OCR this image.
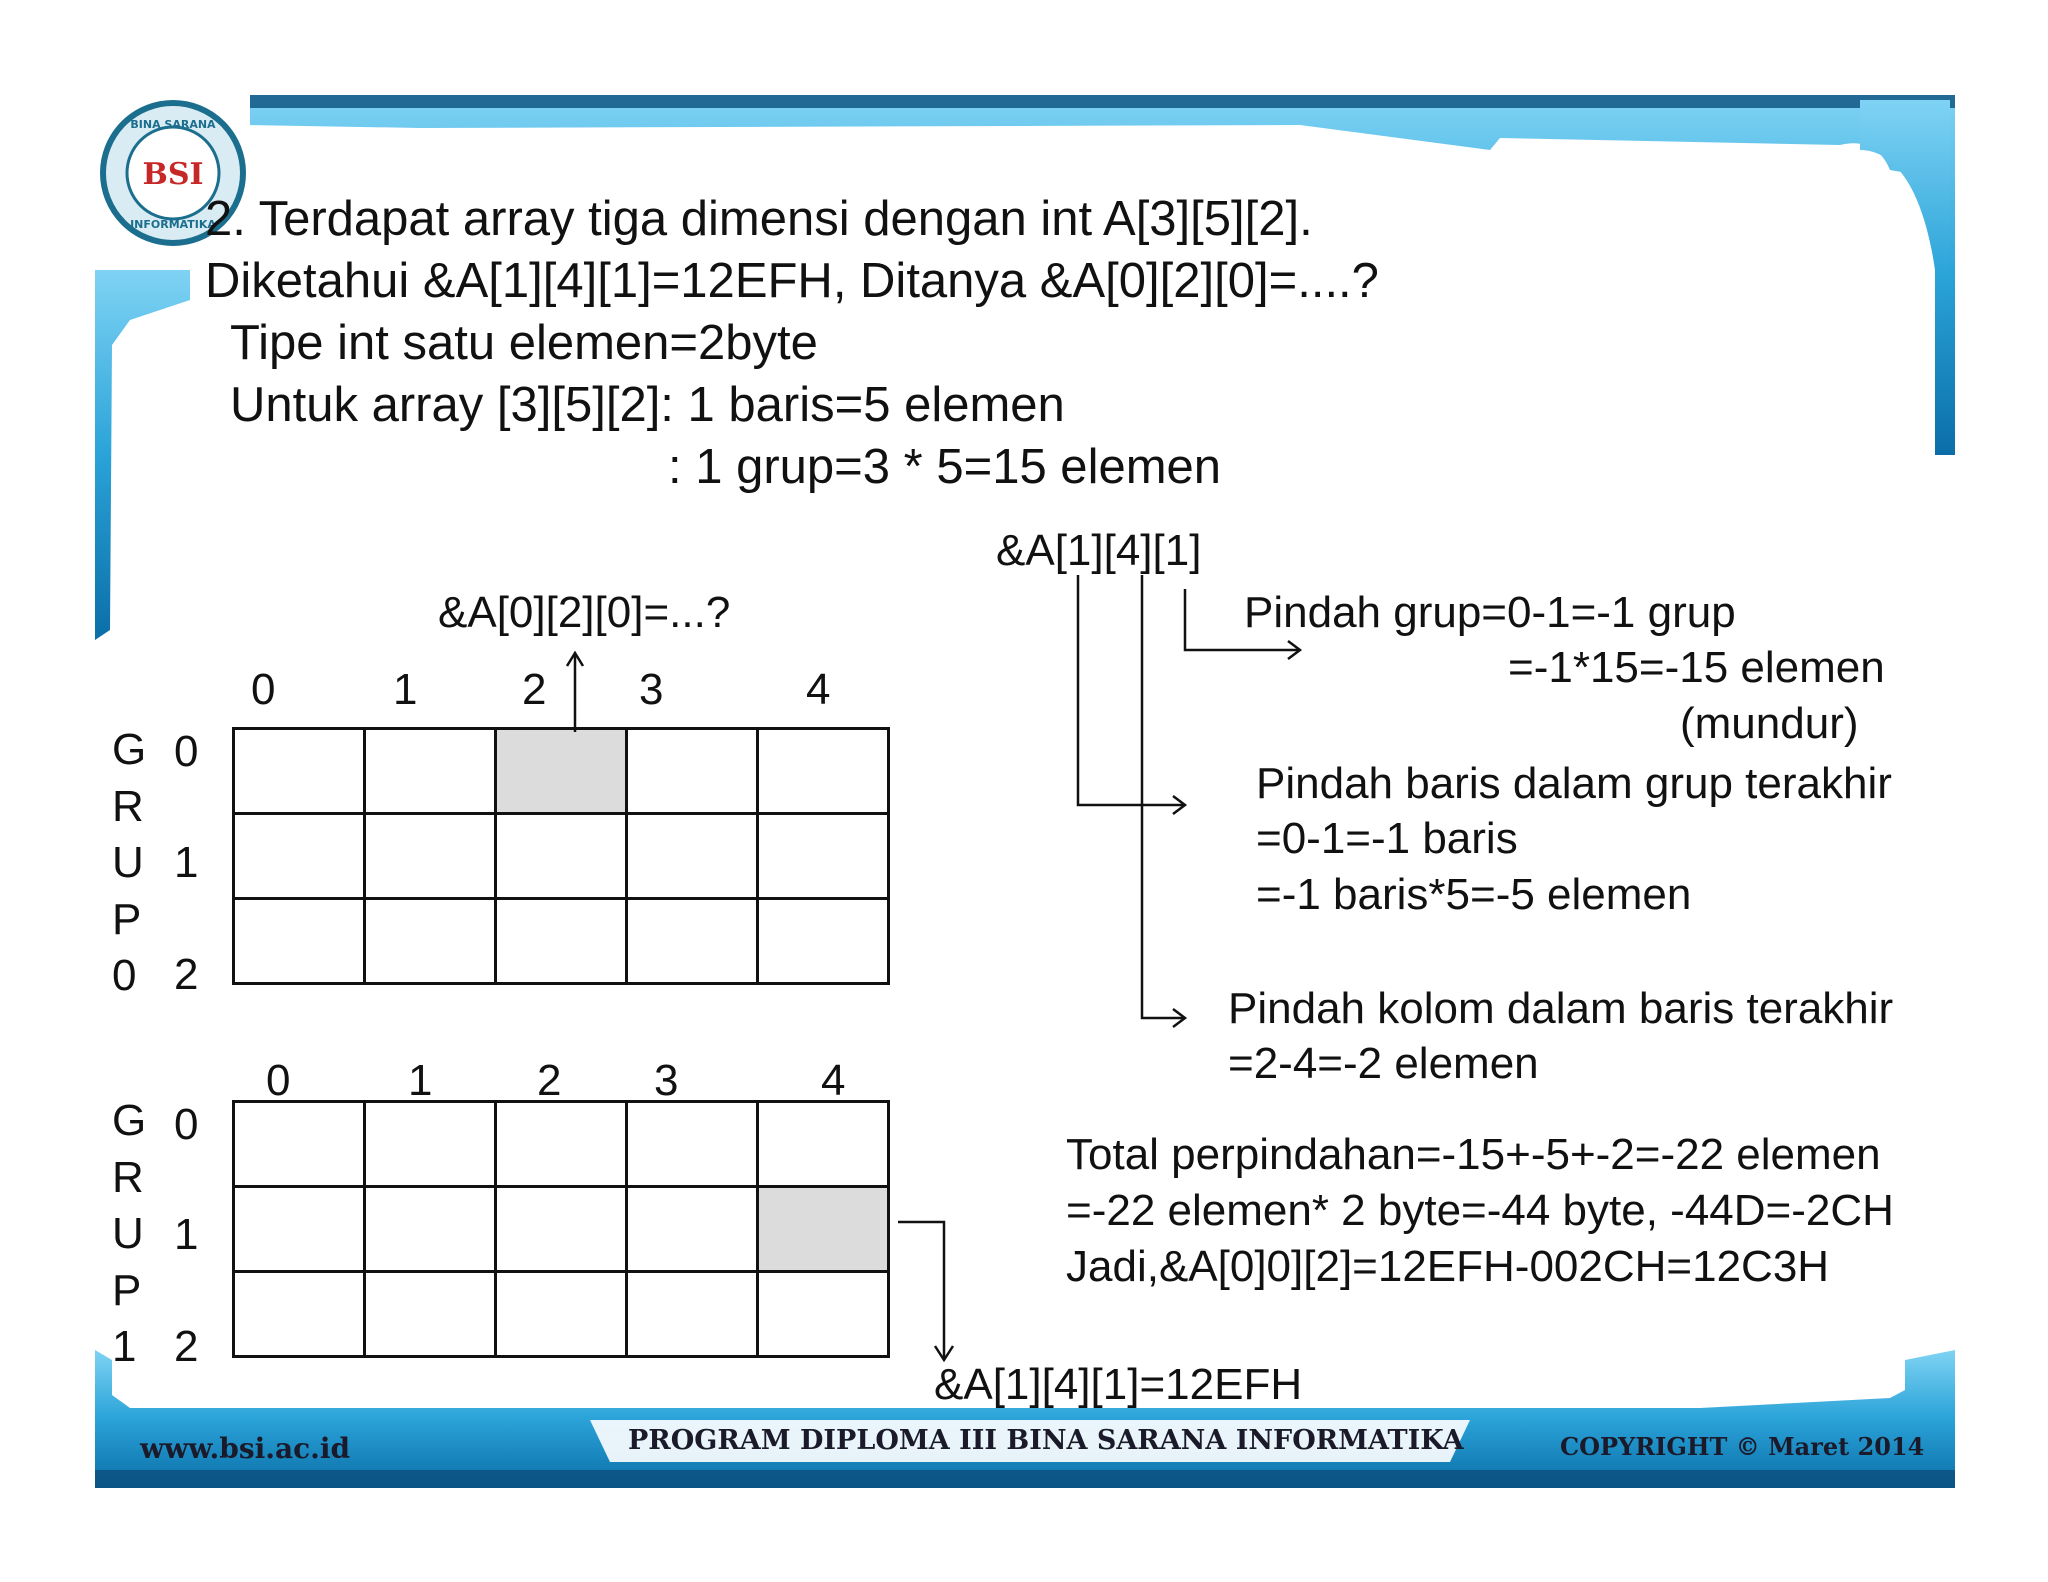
BSI
BINA SARANA
INFORMATIKA
www.bsi.ac.id	PROGRAM DIPLOMA III BINA SARANA INFORMATIKA	COPYRIGHT © Maret 2014
2. Terdapat array tiga dimensi dengan int A[3][5][2].
Diketahui &A[1][4][1]=12EFH, Ditanya &A[0][2][0]=....?
Tipe int satu elemen=2byte
Untuk array [3][5][2]: 1 baris=5 elemen
: 1 grup=3 * 5=15 elemen
G
R
U
P
0
G
R
U
P
1
0
1
2
0
1
2
0	1 2 3	4
0	1 2 3	4

&A[0][2][0]=...?
&A[1][4][1]
&A[1][4][1]=12EFH
Pindah grup=0-1=-1 grup
=-1*15=-15 elemen
(mundur)
Pindah baris dalam grup terakhir
=0-1=-1 baris
=-1 baris*5=-5 elemen
Pindah kolom dalam baris terakhir
=2-4=-2 elemen
Total perpindahan=-15+-5+-2=-22 elemen
=-22 elemen* 2 byte=-44 byte, -44D=-2CH
Jadi,&A[0]0][2]=12EFH-002CH=12C3H
